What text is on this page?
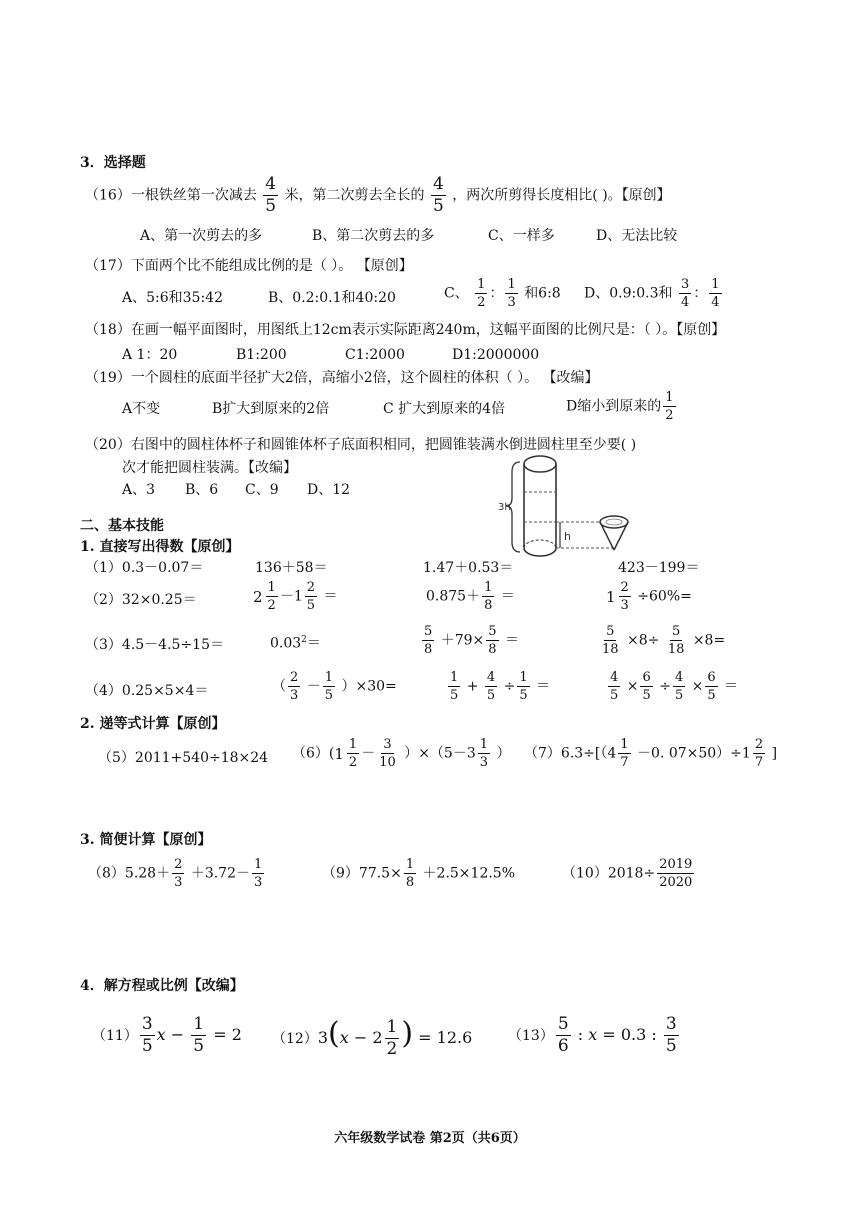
3．选择题
（16）一根铁丝第一次减去 $\frac{4}{5}$ 米，第二次剪去全长的 $\frac{4}{5}$ ，两次所剪得长度相比( )。【原创】
A、第一次剪去的多	B、第二次剪去的多	C、一样多	D、无法比较
（17）下面两个比不能组成比例的是（ ）。 【原创】
A、5:6和35:42	B、0.2:0.1和40:20	C、 $\frac{1}{2}$ ： $\frac{1}{3}$ 和6:8 D、0.9:0.3和 $\frac{3}{4}$ ： $\frac{1}{4}$
（18）在画一幅平面图时，用图纸上12cm表示实际距离240m，这幅平面图的比例尺是：（ ）。【原创】
A 1：20	B1:200	C1:2000	D1:2000000
（19）一个圆柱的底面半径扩大2倍，高缩小2倍，这个圆柱的体积（ ）。 【改编】
A不变	B扩大到原来的2倍	C 扩大到原来的4倍	D缩小到原来的 $\frac{1}{2}$
（20）右图中的圆柱体杯子和圆锥体杯子底面积相同，把圆锥装满水倒进圆柱里至少要( )
次才能把圆柱装满。【改编】
A、3 B、6 C、9 D、12
3h
h
二、基本技能
1. 直接写出得数【原创】
（1）0.3－0.07＝	136＋58＝	1.47＋0.53＝	423－199＝
（2）32×0.25＝	$2 \frac{1}{2} -1 \frac{2}{5}$ ＝	$0.875+ \frac{1}{8}$ ＝	$1 \frac{2}{3} \div 60\%=$
（3）4.5－4.5÷15＝	$0.03^2=$	$\frac{5}{8} +79\times \frac{5}{8}$ ＝	$\frac{5}{18} \times 8\div \frac{5}{18} \times 8=$
（4）0.25×5×4＝	（ $\frac{2}{3} - \frac{1}{5} )\times 30=$	$\frac{1}{5} + \frac{4}{5} \div \frac{1}{5}$ ＝	$\frac{4}{5} \times \frac{6}{5} \div \frac{4}{5} \times \frac{6}{5}$ ＝
2. 递等式计算【原创】
（5）2011+540÷18×24 （6）( $1 \frac{1}{2} - \frac{3}{10} )\times(5-3 \frac{1}{3}$ ） $(7)6.3\div[(4 \frac{1}{7} -0$. $07\times 50)\div 1 \frac{2}{7}$ ]
3. 简便计算【原创】
$(8)5.28+ \frac{2}{3} +3.72- \frac{1}{3}$	$(9)77.5\times \frac{1}{8} +2.5\times 12.5\%$	$(10)2018\div \frac{2019}{2020}$
4．解方程或比例【改编】
$(11) \frac{3}{5}$ $x - \frac{1}{5} = 2$ $(12)3(x - 2 \frac{1}{2}$ ) = 12.6	$(13) \frac{5}{6}$ : x = 0.3 : $\frac{3}{5}$
六年级数学试卷 第2页（共6页）
